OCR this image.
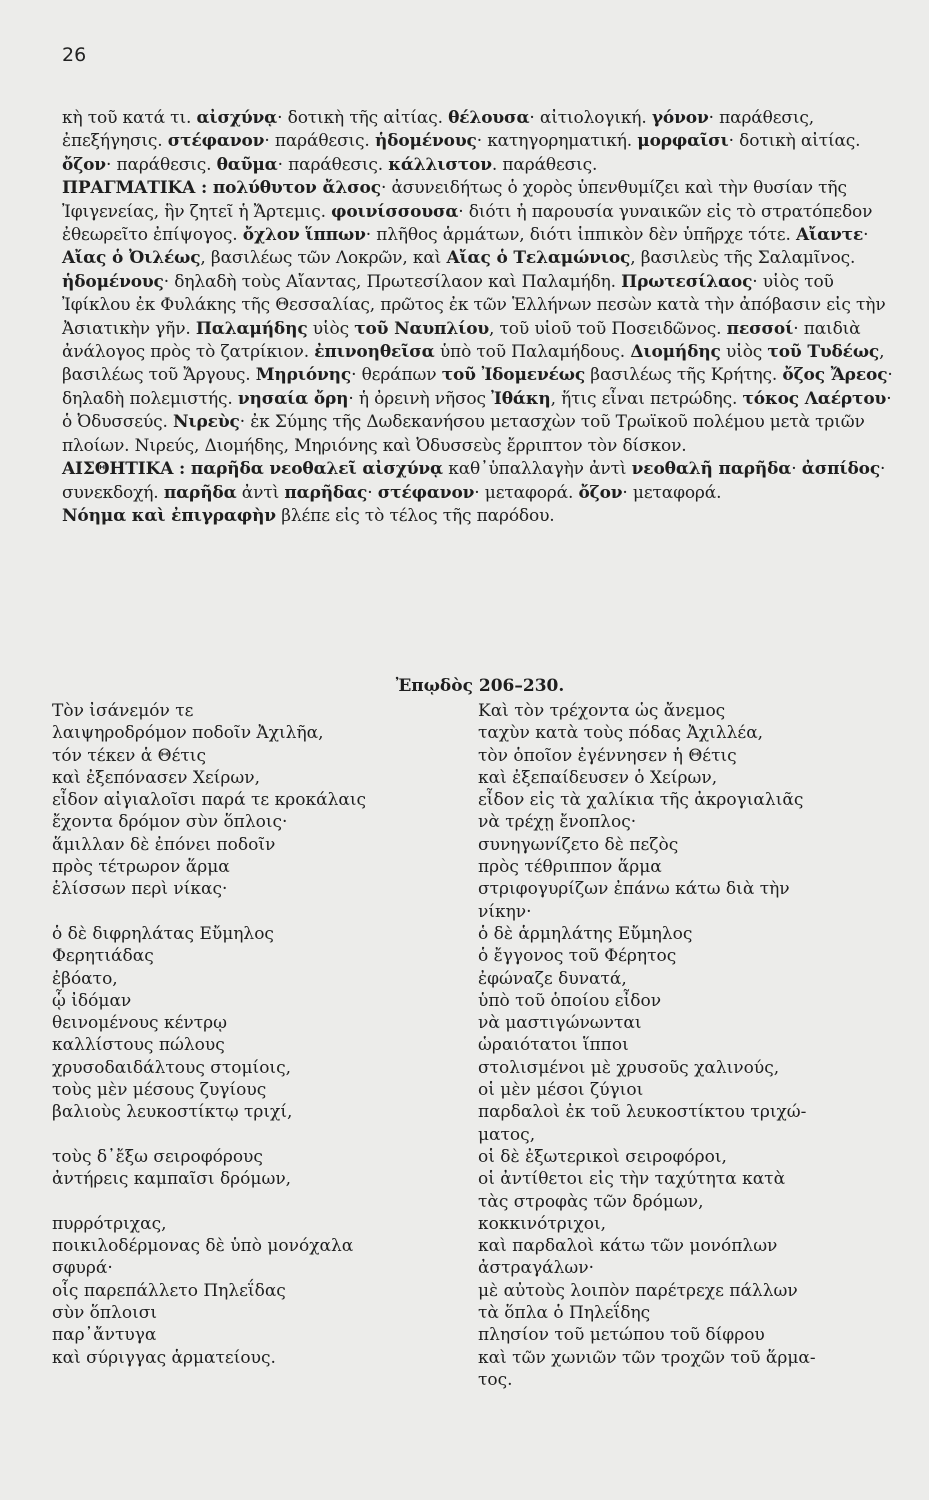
26

κὴ τοῦ κατά τι. αἰσχύνᾳ· δοτικὴ τῆς αἰτίας. θέλουσα· αἰτιολογική. γόνον· παράθεσις, ἐπεξήγησις. στέφανον· παράθεσις. ἡδομένους· κατηγορηματική. μορφαῖσι· δοτικὴ αἰτίας. ὄζον· παράθεσις. θαῦμα· παράθεσις. κάλλιστον. παράθεσις.

ΠΡΑΓΜΑΤΙΚΑ : πολύθυτον ἄλσος· ἀσυνειδήτως ὁ χορὸς ὑπενθυμίζει καὶ τὴν θυσίαν τῆς Ἰφιγενείας, ἣν ζητεῖ ἡ Ἄρτεμις. φοινίσσουσα· διότι ἡ παρουσία γυναικῶν εἰς τὸ στρατόπεδον ἐθεωρεῖτο ἐπίψογος. ὄχλον ἵππων· πλῆθος ἁρμάτων, διότι ἱππικὸν δὲν ὑπῆρχε τότε. Αἴαντε· Αἴας ὁ Ὀιλέως, βασιλέως τῶν Λοκρῶν, καὶ Αἴας ὁ Τελαμώνιος, βασιλεὺς τῆς Σαλαμῖνος. ἡδομένους· δηλαδὴ τοὺς Αἴαντας, Πρωτεσίλαον καὶ Παλαμήδη. Πρωτεσίλαος· υἱὸς τοῦ Ἰφίκλου ἐκ Φυλάκης τῆς Θεσσαλίας, πρῶτος ἐκ τῶν Ἑλλήνων πεσὼν κατὰ τὴν ἀπόβασιν εἰς τὴν Ἀσιατικὴν γῆν. Παλαμήδης υἱὸς τοῦ Ναυπλίου, τοῦ υἱοῦ τοῦ Ποσειδῶνος. πεσσοί· παιδιὰ ἀνάλογος πρὸς τὸ ζατρίκιον. ἐπινοηθεῖσα ὑπὸ τοῦ Παλαμήδους. Διομήδης υἱὸς τοῦ Τυδέως, βασιλέως τοῦ Ἄργους. Μηριόνης· θεράπων τοῦ Ἰδομενέως βασιλέως τῆς Κρήτης. ὄζος Ἄρεος· δηλαδὴ πολεμιστής. νησαία ὄρη· ἡ ὀρεινὴ νῆσος Ἰθάκη, ἥτις εἶναι πετρώδης. τόκος Λαέρτου· ὁ Ὀδυσσεύς. Νιρεὺς· ἐκ Σύμης τῆς Δωδεκανήσου μετασχὼν τοῦ Τρωϊκοῦ πολέμου μετὰ τριῶν πλοίων. Νιρεύς, Διομήδης, Μηριόνης καὶ Ὀδυσσεὺς ἔρριπτον τὸν δίσκον.

ΑΙΣΘΗΤΙΚΑ : παρῆδα νεοθαλεῖ αἰσχύνᾳ καθ᾽ὑπαλλαγὴν ἀντὶ νεοθαλῆ παρῆδα· ἀσπίδος· συνεκδοχή. παρῆδα ἀντὶ παρῆδας· στέφανον· μεταφορά. ὄζον· μεταφορά.

Νόημα καὶ ἐπιγραφὴν βλέπε εἰς τὸ τέλος τῆς παρόδου.

Ἐπῳδὸς 206–230.
Τὸν ἰσάνεμόν τε
λαιψηροδρόμον ποδοῖν Ἀχιλῆα,
τόν τέκεν ἁ Θέτις
καὶ ἐξεπόνασεν Χείρων,
εἶδον αἰγιαλοῖσι παρά τε κροκάλαις
ἔχοντα δρόμον σὺν ὅπλοις·
ἅμιλλαν δὲ ἐπόνει ποδοῖν
πρὸς τέτρωρον ἅρμα
ἑλίσσων περὶ νίκας·
ὁ δὲ διφρηλάτας Εὔμηλος
Φερητιάδας
ἐβόατο,
ᾧ ἰδόμαν
θεινομένους κέντρῳ
καλλίστους πώλους
χρυσοδαιδάλτους στομίοις,
τοὺς μὲν μέσους ζυγίους
βαλιοὺς λευκοστίκτῳ τριχί,
τοὺς δ᾽ἔξω σειροφόρους
ἀντήρεις καμπαῖσι δρόμων,
πυρρότριχας,
ποικιλοδέρμονας δὲ ὑπὸ μονόχαλα
σφυρά·
οἷς παρεπάλλετο Πηλεΐδας
σὺν ὅπλοισι
παρ᾽ἄντυγα
καὶ σύριγγας ἁρματείους.
Καὶ τὸν τρέχοντα ὡς ἄνεμος
ταχὺν κατὰ τοὺς πόδας Ἀχιλλέα,
τὸν ὁποῖον ἐγέννησεν ἡ Θέτις
καὶ ἐξεπαίδευσεν ὁ Χείρων,
εἶδον εἰς τὰ χαλίκια τῆς ἀκρογιαλιᾶς
νὰ τρέχῃ ἔνοπλος·
συνηγωνίζετο δὲ πεζὸς
πρὸς τέθριππον ἅρμα
στριφογυρίζων ἐπάνω κάτω διὰ τὴν
νίκην·
ὁ δὲ ἁρμηλάτης Εὔμηλος
ὁ ἔγγονος τοῦ Φέρητος
ἐφώναζε δυνατά,
ὑπὸ τοῦ ὁποίου εἶδον
νὰ μαστιγώνωνται
ὡραιότατοι ἵπποι
στολισμένοι μὲ χρυσοῦς χαλινούς,
οἱ μὲν μέσοι ζύγιοι
παρδαλοὶ ἐκ τοῦ λευκοστίκτου τριχώ-
ματος,
οἱ δὲ ἐξωτερικοὶ σειροφόροι,
οἱ ἀντίθετοι εἰς τὴν ταχύτητα κατὰ
τὰς στροφὰς τῶν δρόμων,
κοκκινότριχοι,
καὶ παρδαλοὶ κάτω τῶν μονόπλων
ἀστραγάλων·
μὲ αὐτοὺς λοιπὸν παρέτρεχε πάλλων
τὰ ὅπλα ὁ Πηλεΐδης
πλησίον τοῦ μετώπου τοῦ δίφρου
καὶ τῶν χωνιῶν τῶν τροχῶν τοῦ ἅρμα-
τος.
